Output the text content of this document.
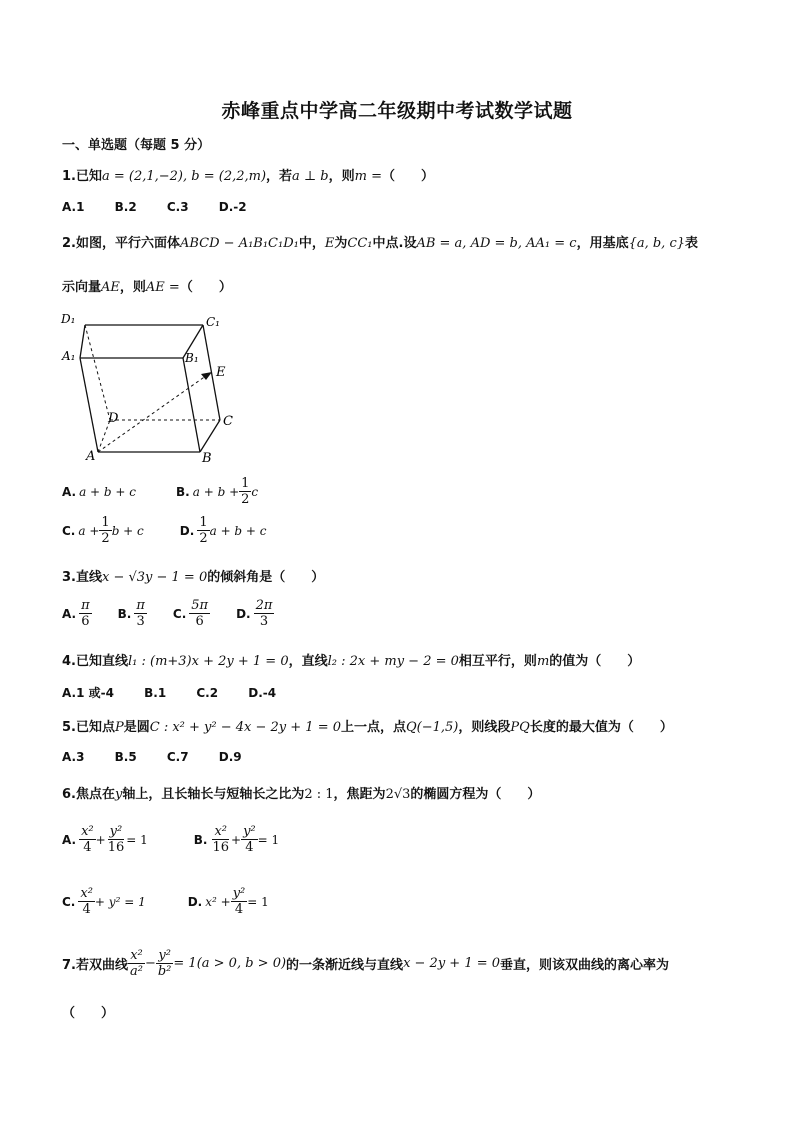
赤峰重点中学高二年级期中考试数学试题
一、单选题（每题 5 分）
1.已知a = (2,1,−2), b = (2,2,m)，若a ⊥ b，则m =（　　）
A.1	B.2	C.3	D.-2
2.如图，平行六面体ABCD − A₁B₁C₁D₁中，E为CC₁中点.设AB = a, AD = b, AA₁ = c，用基底{a, b, c}表
示向量AE，则AE =（　　）
D₁	C₁
A₁	B₁
E
D	C
A	B
A. a + b + c	B. $a + b + \frac{1}{2}$ c
C. $a + \frac{1}{2}$ b + c	D. $\frac{1}{2}$ a + b + c
3.直线x − √3y − 1 = 0的倾斜角是（　　）
A. $\frac{\pi}{6} B$. $\frac{\pi}{3} C$. $\frac{5\pi}{6} D$. $\frac{2\pi}{3}$
4.已知直线l₁ : (m+3)x + 2y + 1 = 0，直线l₂ : 2x + my − 2 = 0相互平行，则m的值为（　　）
A.1 或-4	B.1	C.2	D.-4
5.已知点P是圆C : x² + y² − 4x − 2y + 1 = 0上一点，点Q(−1,5)，则线段PQ长度的最大值为（　　）
A.3	B.5	C.7	D.9
6.焦点在y轴上，且长轴长与短轴长之比为2 : 1，焦距为2√3的椭圆方程为（　　）
A. $\frac{\text{x²}}{4} + \frac{\text{y²}}{16} = 1$	B. $\frac{\text{x²}}{16} + \frac{\text{y²}}{4} = 1$
C. $\frac{\text{x²}}{4} + y^2 = 1$	D. $x^2 + \frac{\text{y²}}{4} = 1$
7.若双曲线 $\frac{\text{x²}}{\text{a²}} - \frac{\text{y²}}{\text{b²}} = 1(a > 0$, b > 0) 的一条渐近线与直线 x − 2y + 1 = 0 垂直，则该双曲线的离心率为
（　　）
